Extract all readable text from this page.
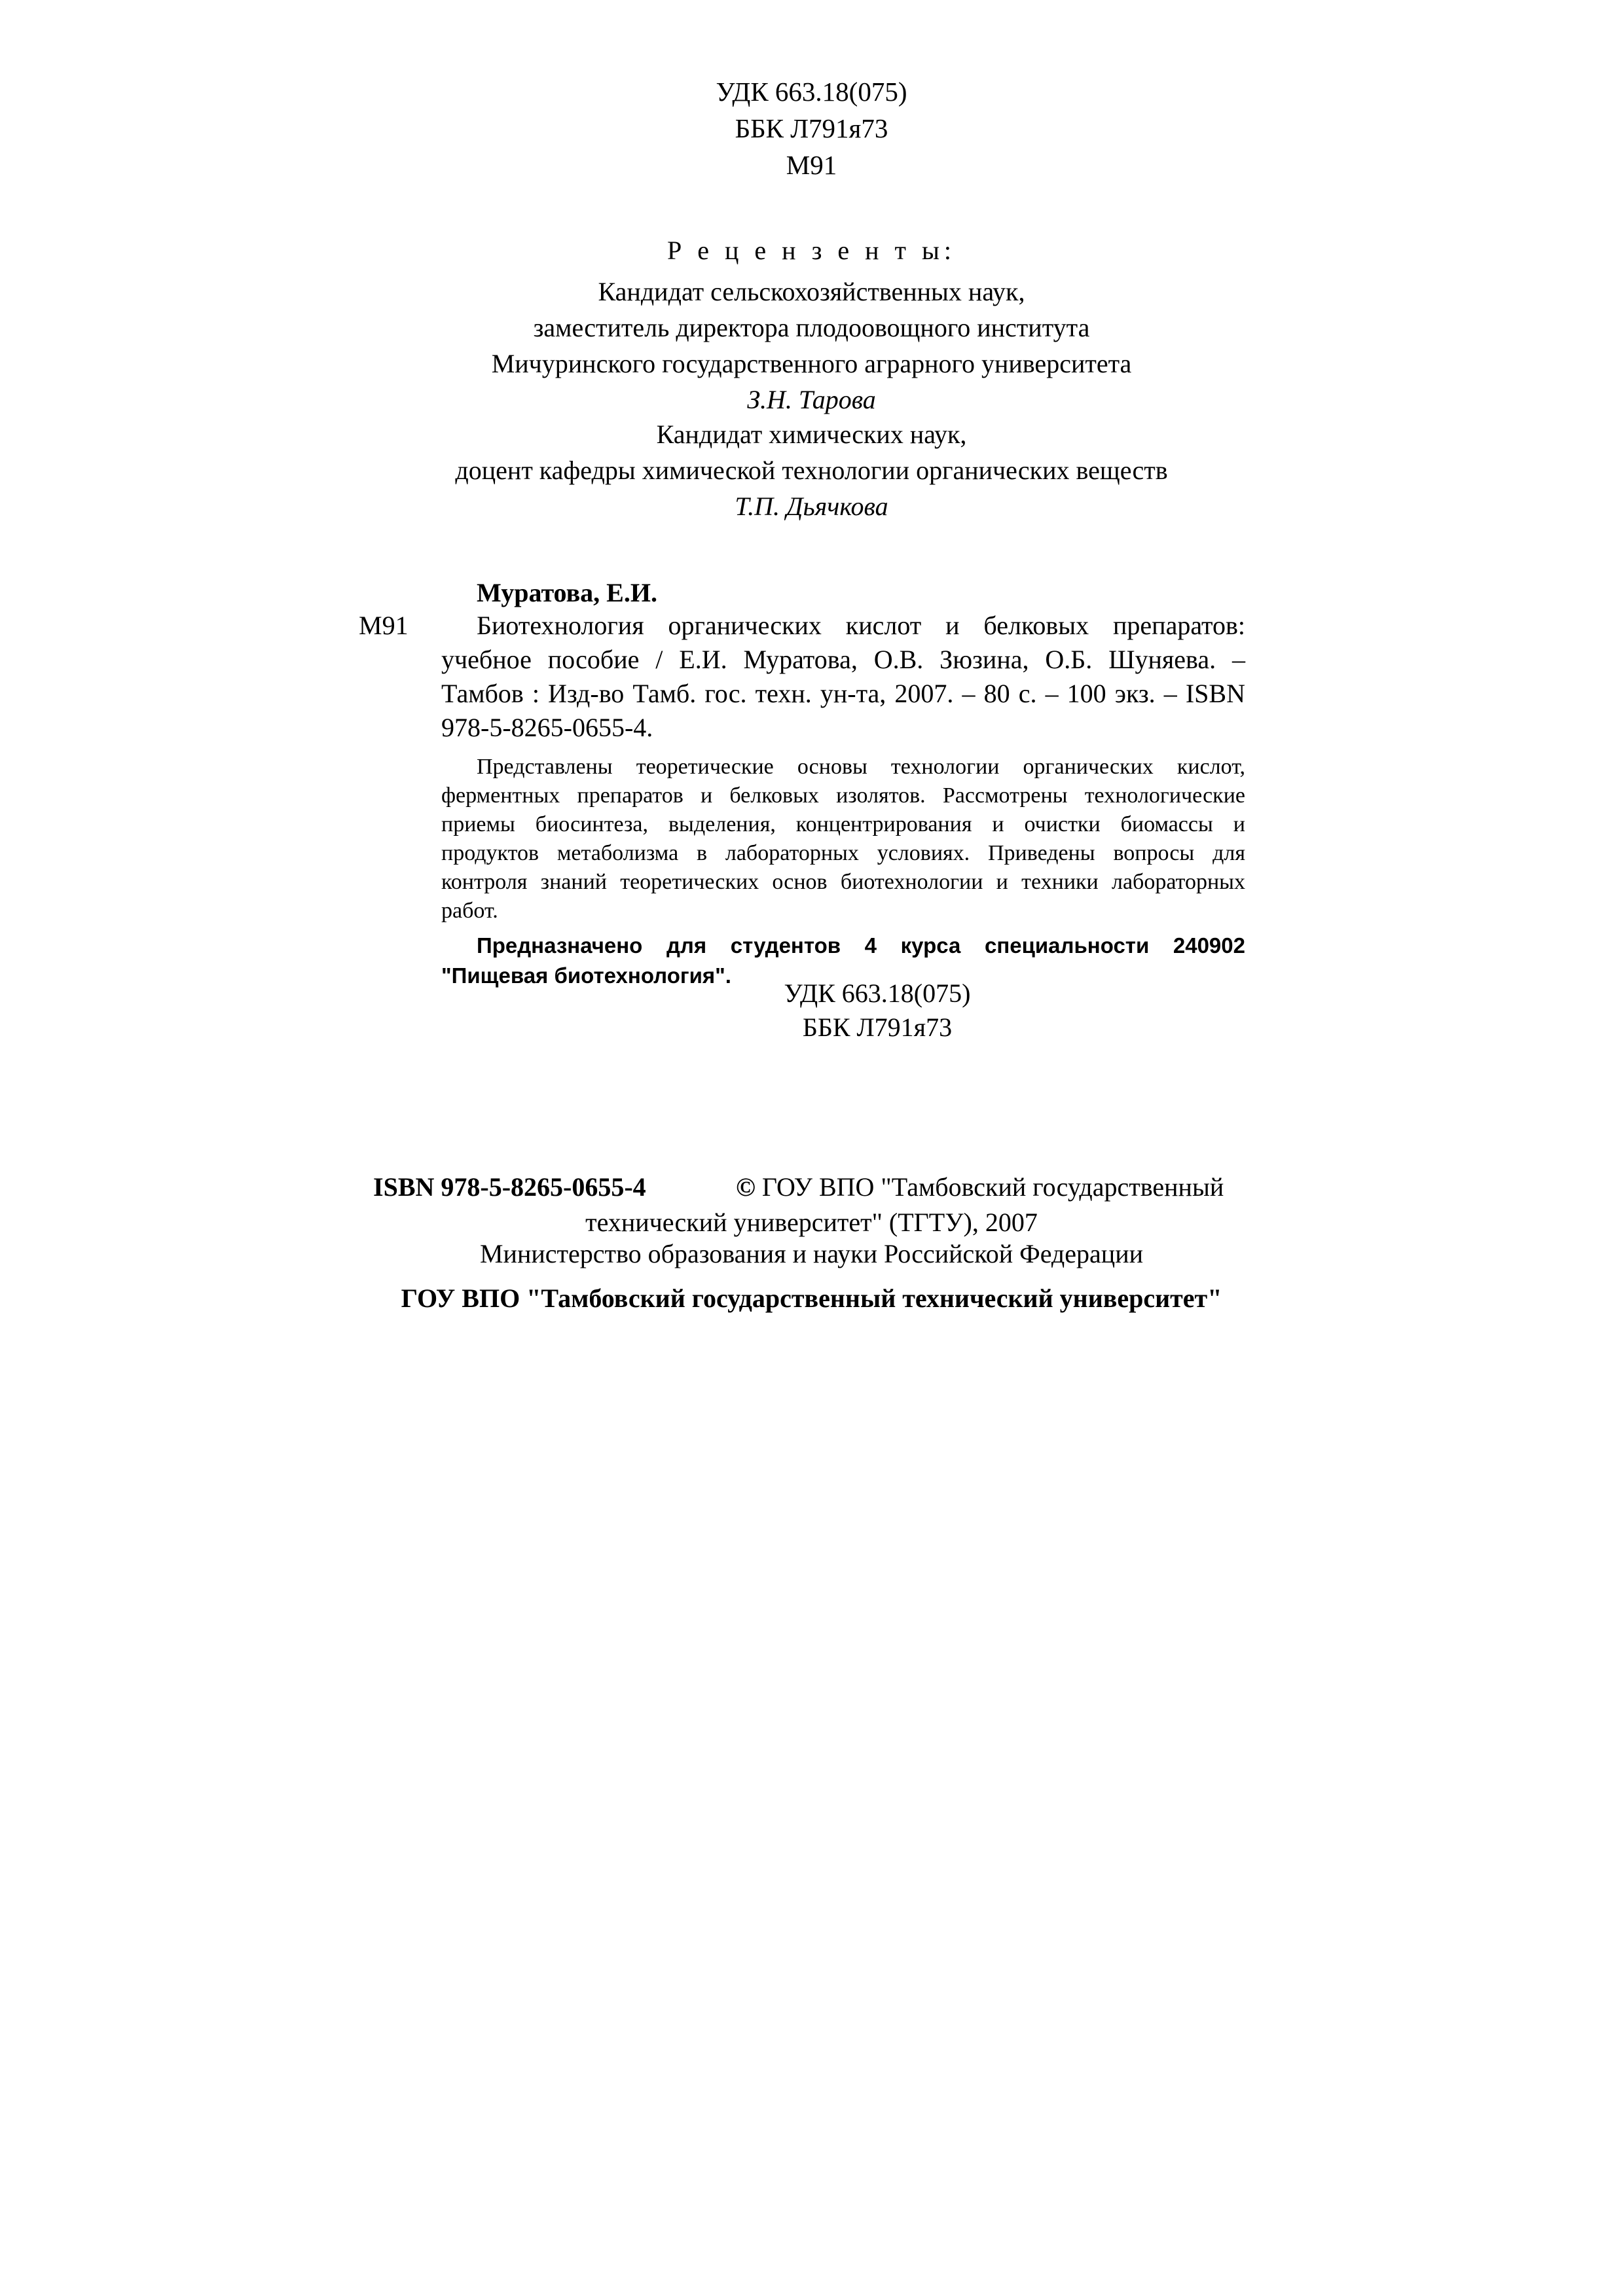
УДК 663.18(075)
ББК Л791я73
М91
Р е ц е н з е н т ы:
Кандидат сельскохозяйственных наук,
заместитель директора плодоовощного института
Мичуринского государственного аграрного университета
З.Н. Тарова
Кандидат химических наук,
доцент кафедры химической технологии органических веществ
Т.П. Дьячкова
Муратова, Е.И.
М91	Биотехнология органических кислот и белковых препаратов: учебное пособие / Е.И. Муратова, О.В. Зюзина, О.Б. Шуняева. – Тамбов : Изд-во Тамб. гос. техн. ун-та, 2007. – 80 с. – 100 экз. – ISBN 978-5-8265-0655-4.

Представлены теоретические основы технологии органических кислот, ферментных препаратов и белковых изолятов. Рассмотрены технологические приемы биосинтеза, выделения, концентрирования и очистки биомассы и продуктов метаболизма в лабораторных условиях. Приведены вопросы для контроля знаний теоретических основ биотехнологии и техники лабораторных работ.

Предназначено для студентов 4 курса специальности 240902 "Пищевая биотехнология".

УДК 663.18(075)
ББК Л791я73
ISBN 978-5-8265-0655-4	© ГОУ ВПО "Тамбовский государственный
технический университет" (ТГТУ), 2007
Министерство образования и науки Российской Федерации
ГОУ ВПО "Тамбовский государственный технический университет"
